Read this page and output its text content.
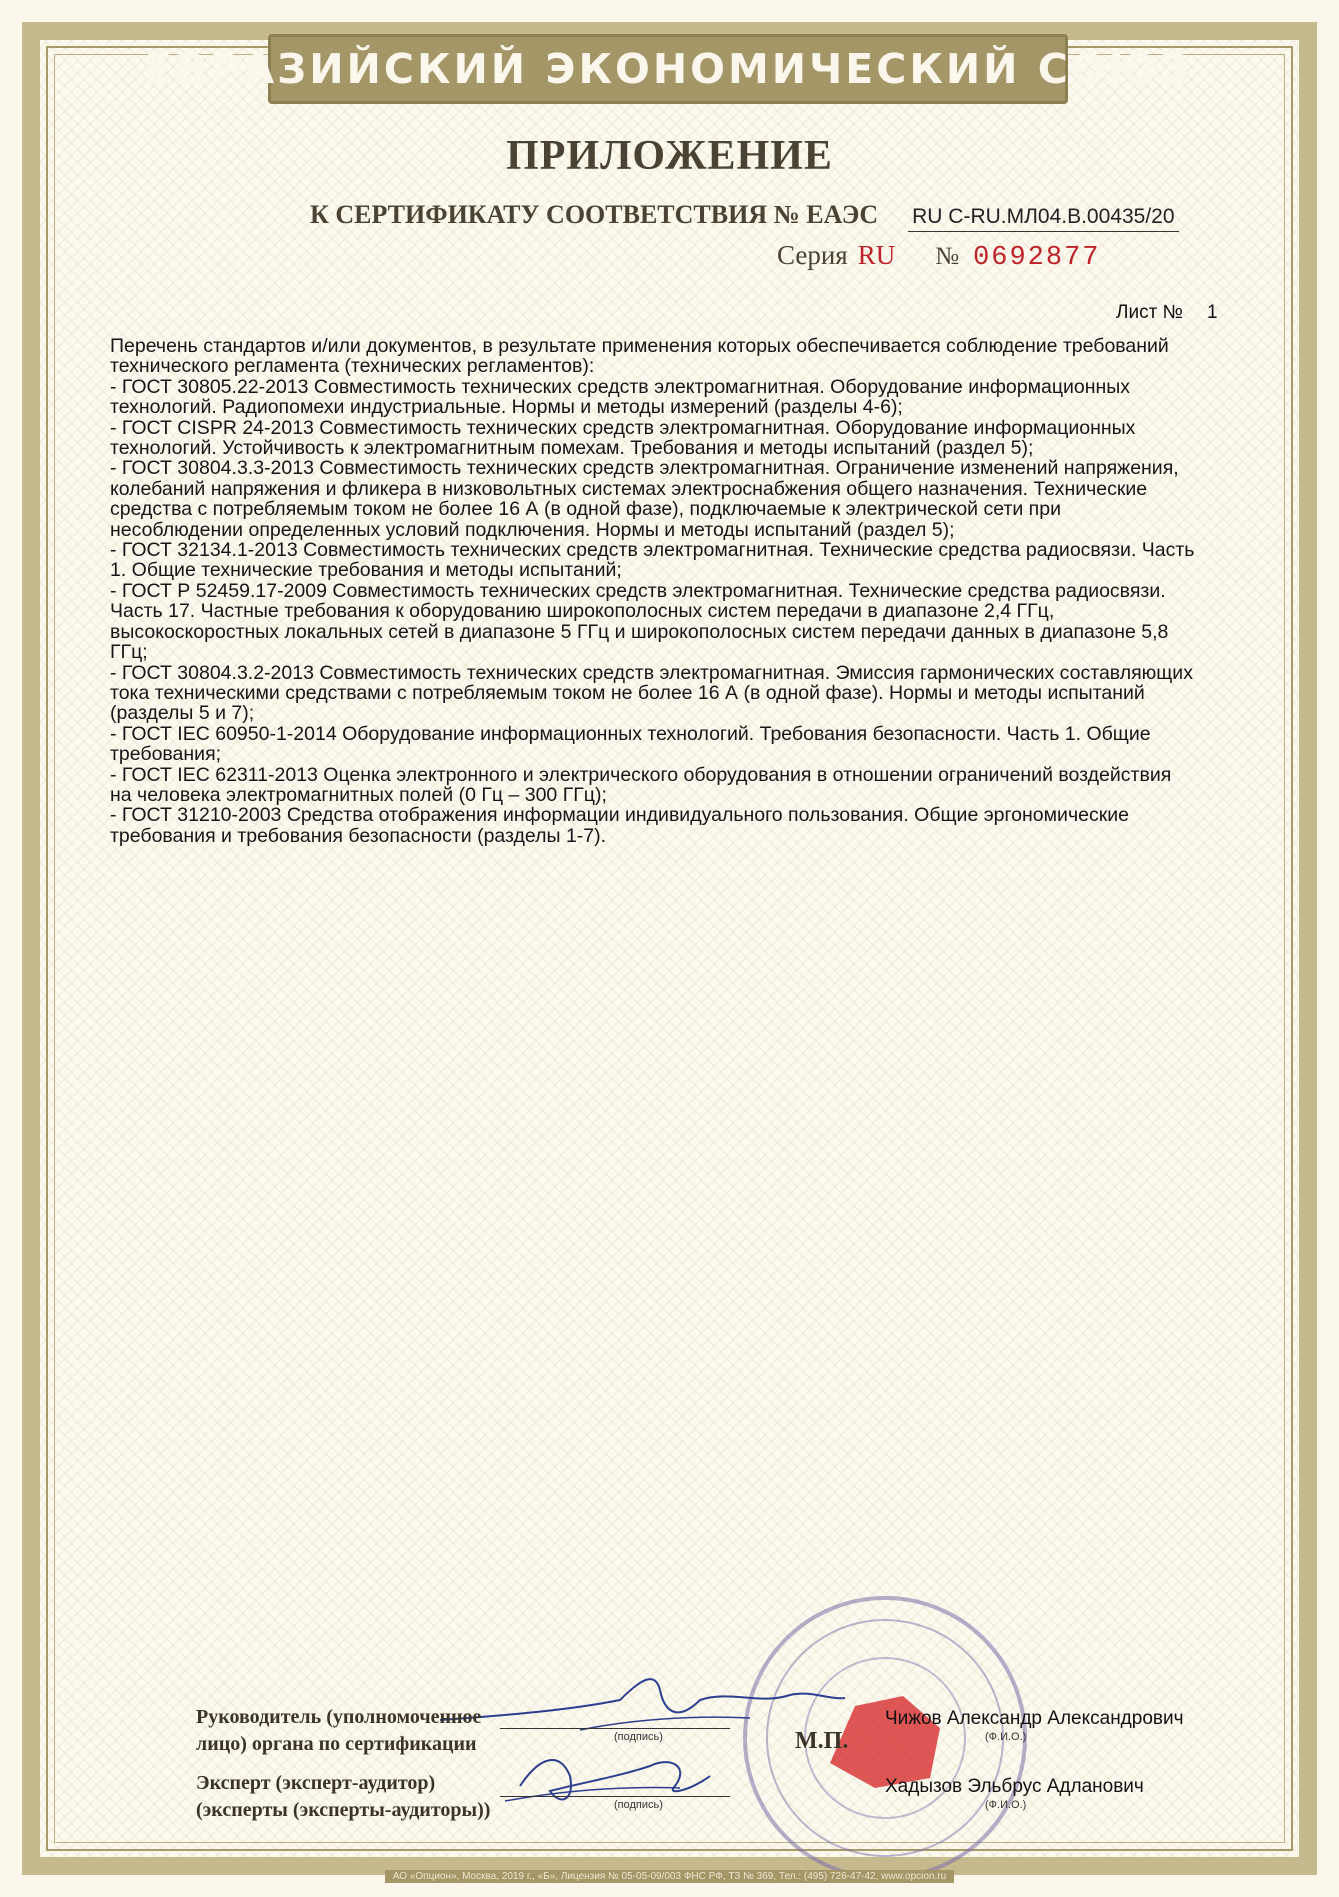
ЕВРАЗИЙСКИЙ ЭКОНОМИЧЕСКИЙ СОЮЗ
ПРИЛОЖЕНИЕ
К СЕРТИФИКАТУ СООТВЕТСТВИЯ № ЕАЭС RU C-RU.МЛ04.В.00435/20
Серия RU № 0692877
Лист № 1

Перечень стандартов и/или документов, в результате применения которых обеспечивается соблюдение требований

технического регламента (технических регламентов):

- ГОСТ 30805.22-2013 Совместимость технических средств электромагнитная. Оборудование информационных

технологий. Радиопомехи индустриальные. Нормы и методы измерений (разделы 4-6);

- ГОСТ CISPR 24-2013 Совместимость технических средств электромагнитная. Оборудование информационных

технологий. Устойчивость к электромагнитным помехам. Требования и методы испытаний (раздел 5);

- ГОСТ 30804.3.3-2013 Совместимость технических средств электромагнитная. Ограничение изменений напряжения,

колебаний напряжения и фликера в низковольтных системах электроснабжения общего назначения. Технические

средства с потребляемым током не более 16 А (в одной фазе), подключаемые к электрической сети при

несоблюдении определенных условий подключения. Нормы и методы испытаний (раздел 5);

- ГОСТ 32134.1-2013 Совместимость технических средств электромагнитная. Технические средства радиосвязи. Часть

1. Общие технические требования и методы испытаний;

- ГОСТ Р 52459.17-2009 Совместимость технических средств электромагнитная. Технические средства радиосвязи.

Часть 17. Частные требования к оборудованию широкополосных систем передачи в диапазоне 2,4 ГГц,

высокоскоростных локальных сетей в диапазоне 5 ГГц и широкополосных систем передачи данных в диапазоне 5,8

ГГц;

- ГОСТ 30804.3.2-2013 Совместимость технических средств электромагнитная. Эмиссия гармонических составляющих

тока техническими средствами с потребляемым током не более 16 А (в одной фазе). Нормы и методы испытаний

(разделы 5 и 7);

- ГОСТ IEC 60950-1-2014 Оборудование информационных технологий. Требования безопасности. Часть 1. Общие

требования;

- ГОСТ IEC 62311-2013 Оценка электронного и электрического оборудования в отношении ограничений воздействия

на человека электромагнитных полей (0 Гц – 300 ГГц);

- ГОСТ 31210-2003 Средства отображения информации индивидуального пользования. Общие эргономические

требования и требования безопасности (разделы 1-7).

Руководитель (уполномоченное
лицо) органа по сертификации	(подпись)	М.П.
Чижов Александр Александрович
(Ф.И.О.)
Эксперт (эксперт-аудитор)
(эксперты (эксперты-аудиторы))	(подпись)
Хадызов Эльбрус Адланович
(Ф.И.О.)
АО «Опцион», Москва, 2019 г., «Б», Лицензия № 05-05-09/003 ФНС РФ, ТЗ № 369, Тел.: (495) 726-47-42, www.opcion.ru
